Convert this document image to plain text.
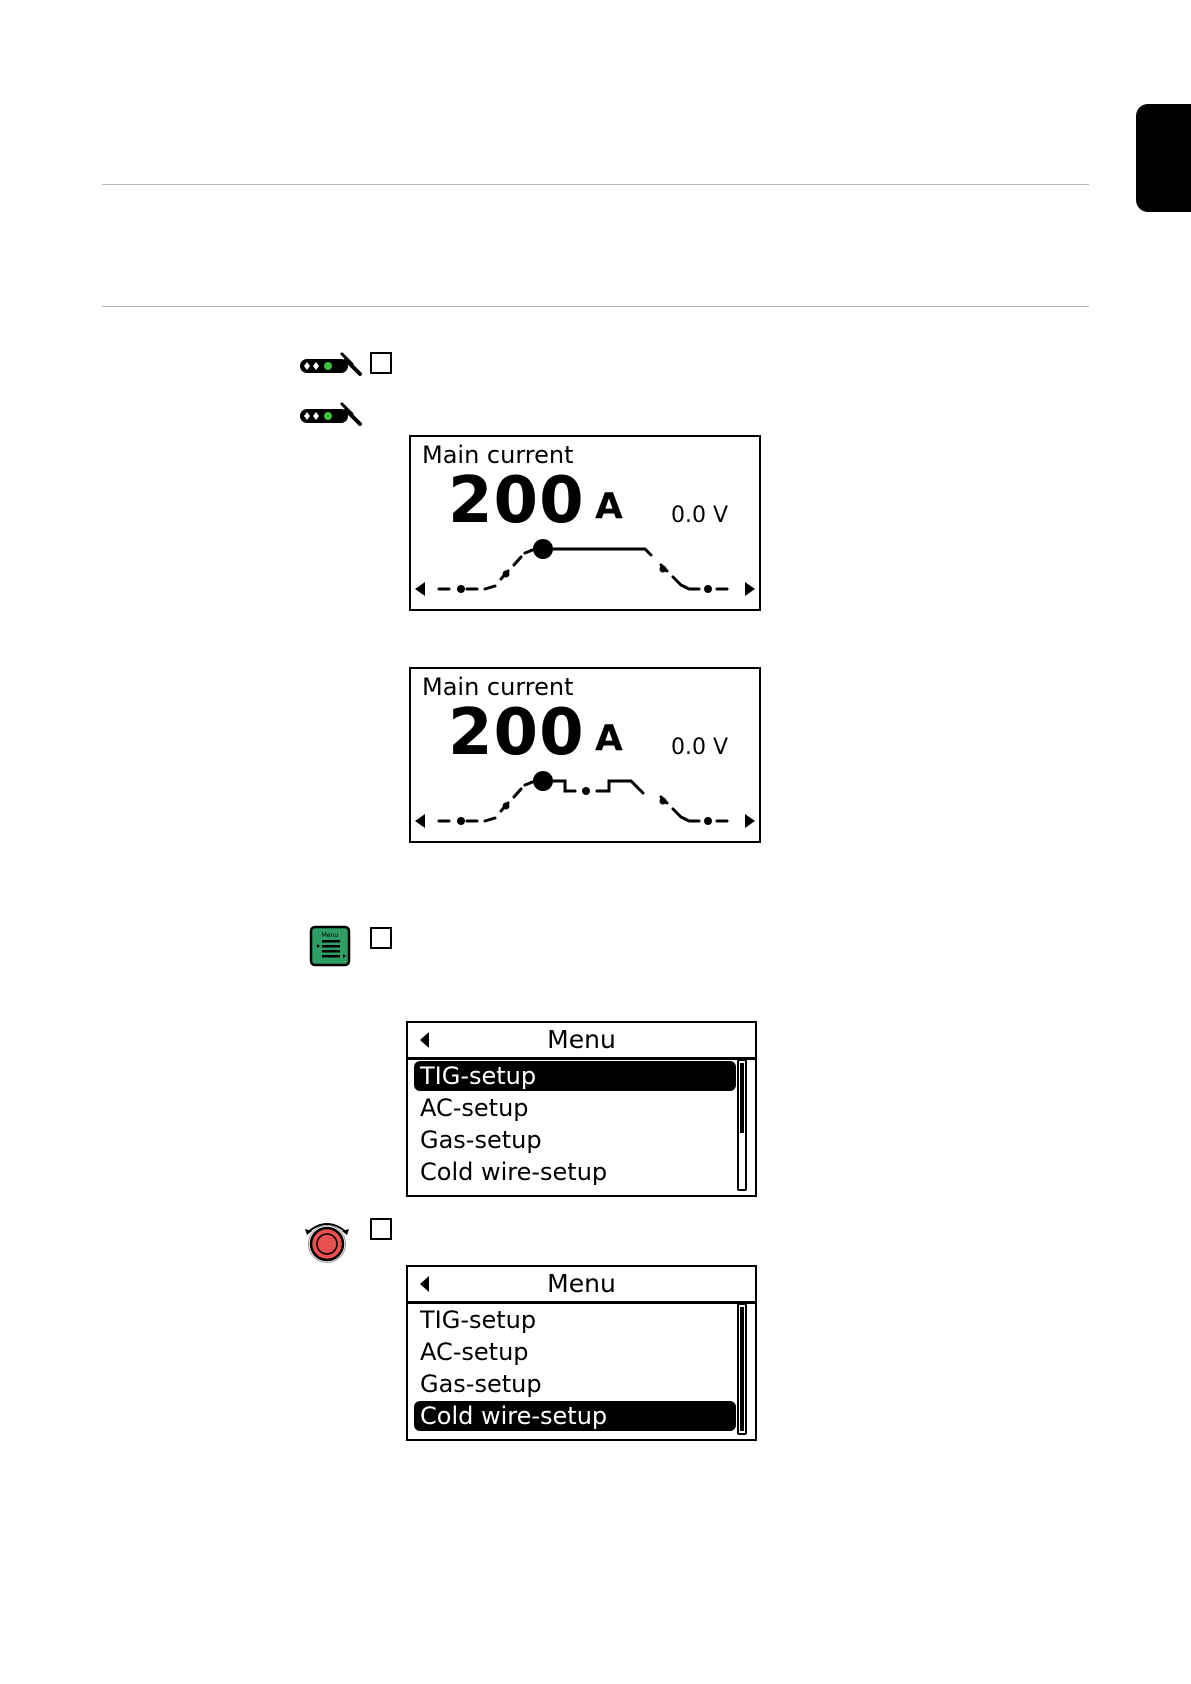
Main current
200 A 0.0 V
Main current
200 A 0.0 V
Menu
Menu
TIG-setup
AC-setup
Gas-setup
Cold wire-setup
Menu
TIG-setup
AC-setup
Gas-setup
Cold wire-setup
